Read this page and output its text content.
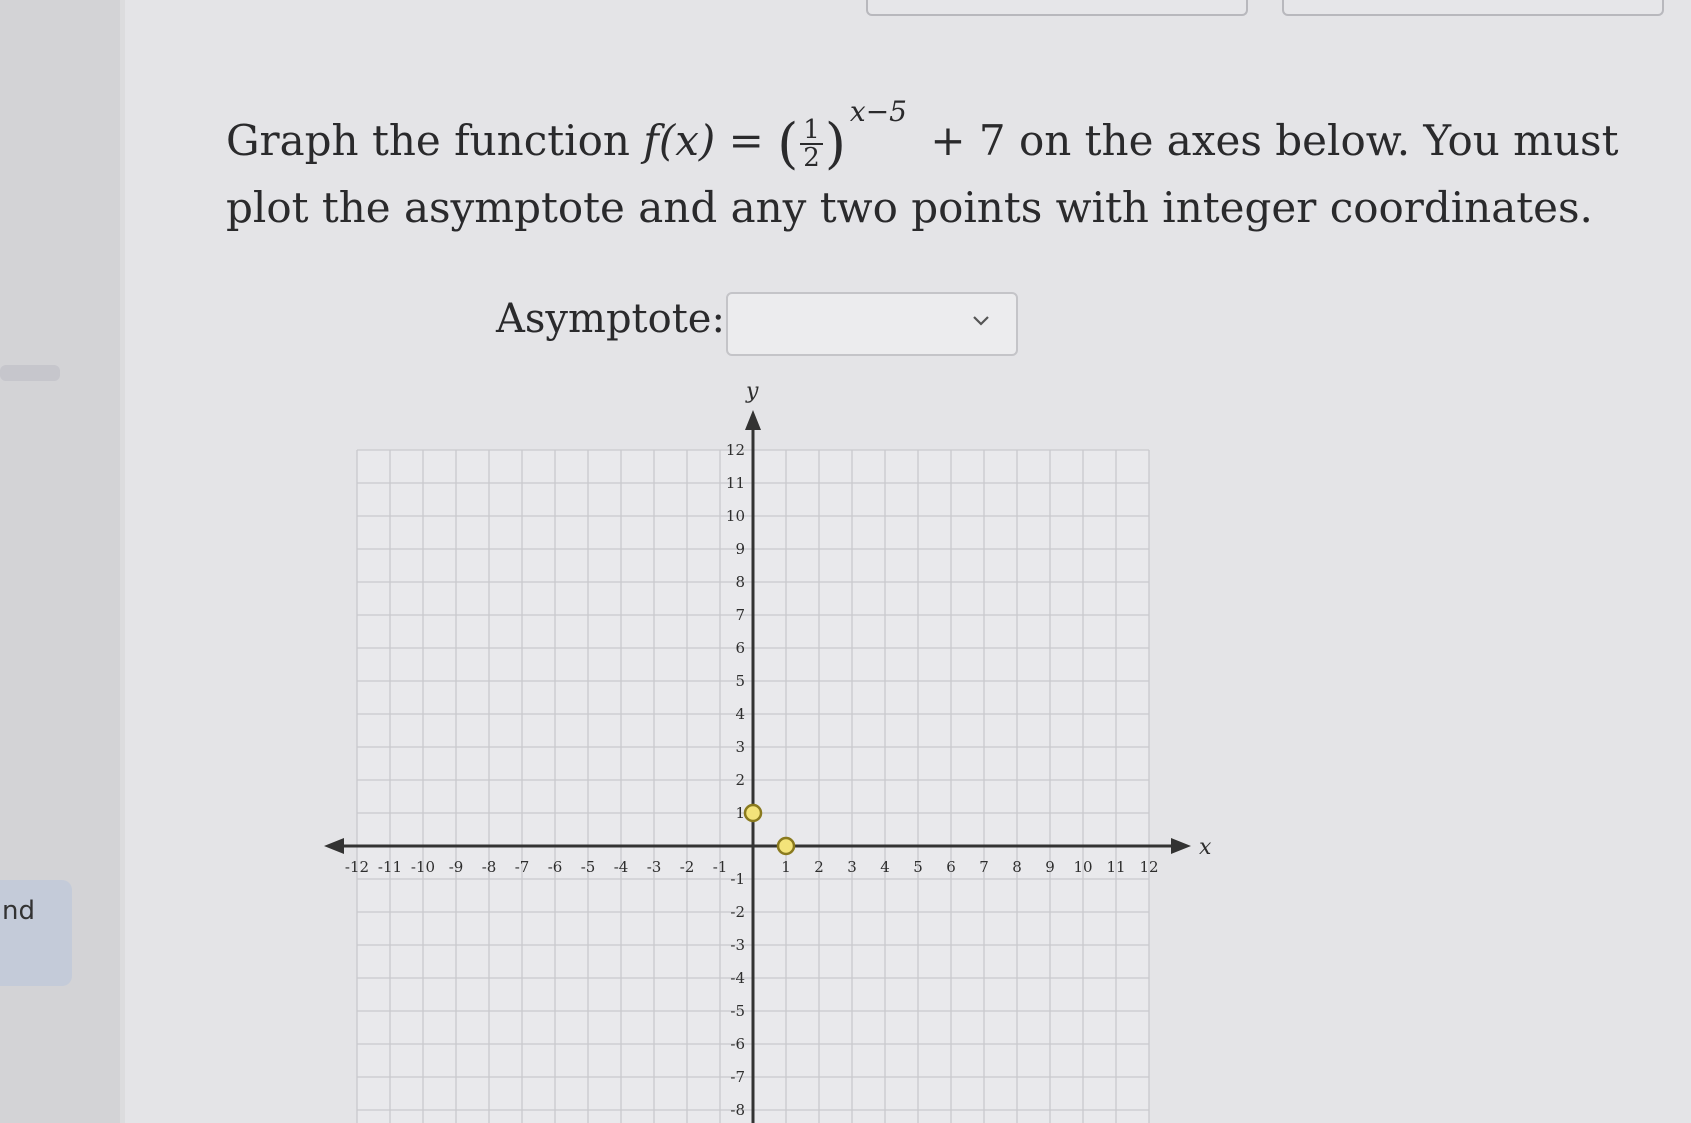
nd
Graph the function f(x) = ( $\frac{1}{2} )^{x-5} + 7$ on the axes below. You must
plot the asymptote and any two points with integer coordinates.
Asymptote:
x
y
-12 -11 -10 -9 -8 -7 -6 -5 -4 -3 -2 -1	1 2 3 4 5 6 7 8 9 10 11 12
12
11
10
9
8
7
6
5
4
3
2
1
-1
-2
-3
-4
-5
-6
-7
-8
